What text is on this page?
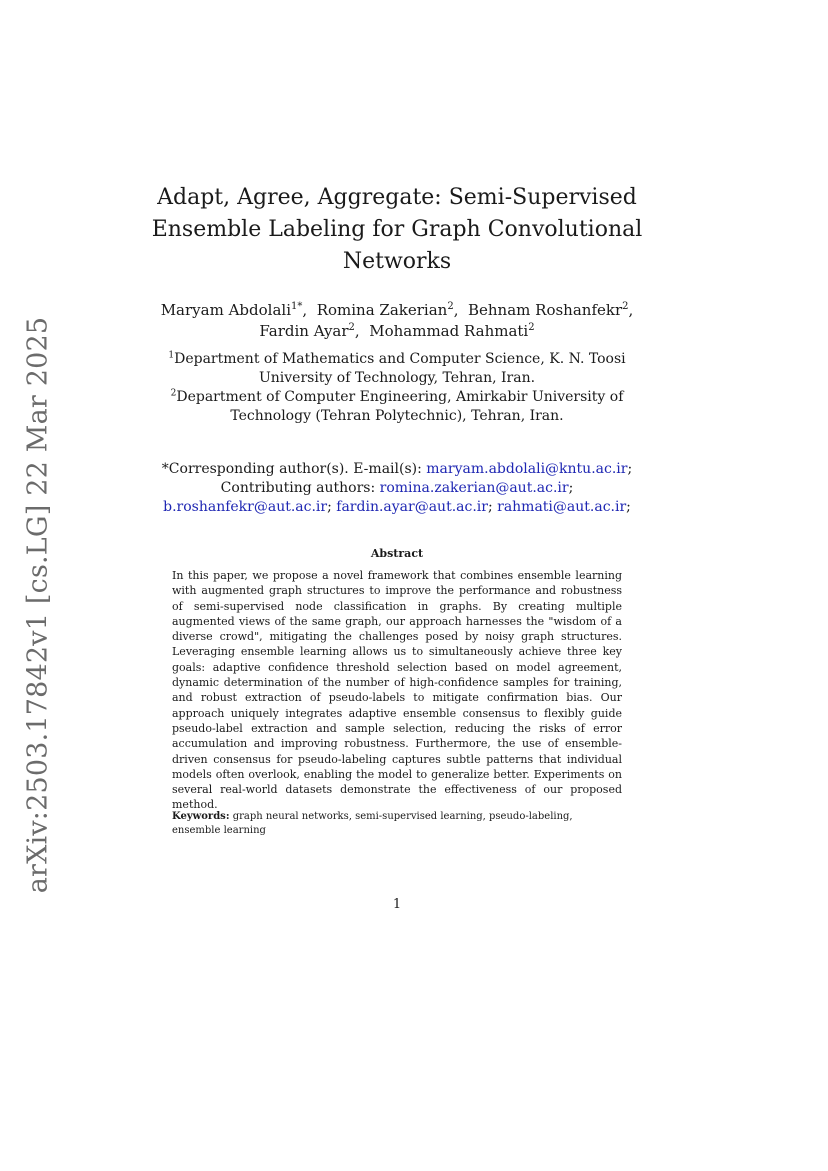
arXiv:2503.17842v1 [cs.LG] 22 Mar 2025
Adapt, Agree, Aggregate: Semi-Supervised Ensemble Labeling for Graph Convolutional Networks
Maryam Abdolali$^{1*}$,  Romina Zakerian$^2$,  Behnam Roshanfekr$^2$,
Fardin Ayar$^2$,  Mohammad Rahmati$^2$
$^1$Department of Mathematics and Computer Science, K. N. Toosi University of Technology, Tehran, Iran.
$^2$Department of Computer Engineering, Amirkabir University of Technology (Tehran Polytechnic), Tehran, Iran.
*Corresponding author(s). E-mail(s): maryam.abdolali@kntu.ac.ir;
Contributing authors: romina.zakerian@aut.ac.ir;
b.roshanfekr@aut.ac.ir; fardin.ayar@aut.ac.ir; rahmati@aut.ac.ir;
Abstract

In this paper, we propose a novel framework that combines ensemble learning with augmented graph structures to improve the performance and robustness of semi-supervised node classification in graphs. By creating multiple augmented views of the same graph, our approach harnesses the "wisdom of a diverse crowd", mitigating the challenges posed by noisy graph structures. Leveraging ensemble learning allows us to simultaneously achieve three key goals: adaptive confidence threshold selection based on model agreement, dynamic determination of the number of high-confidence samples for training, and robust extraction of pseudo-labels to mitigate confirmation bias. Our approach uniquely integrates adaptive ensemble consensus to flexibly guide pseudo-label extraction and sample selection, reducing the risks of error accumulation and improving robustness. Furthermore, the use of ensemble-driven consensus for pseudo-labeling captures subtle patterns that individual models often overlook, enabling the model to generalize better. Experiments on several real-world datasets demonstrate the effectiveness of our proposed method.

Keywords: graph neural networks, semi-supervised learning, pseudo-labeling, ensemble learning

1
